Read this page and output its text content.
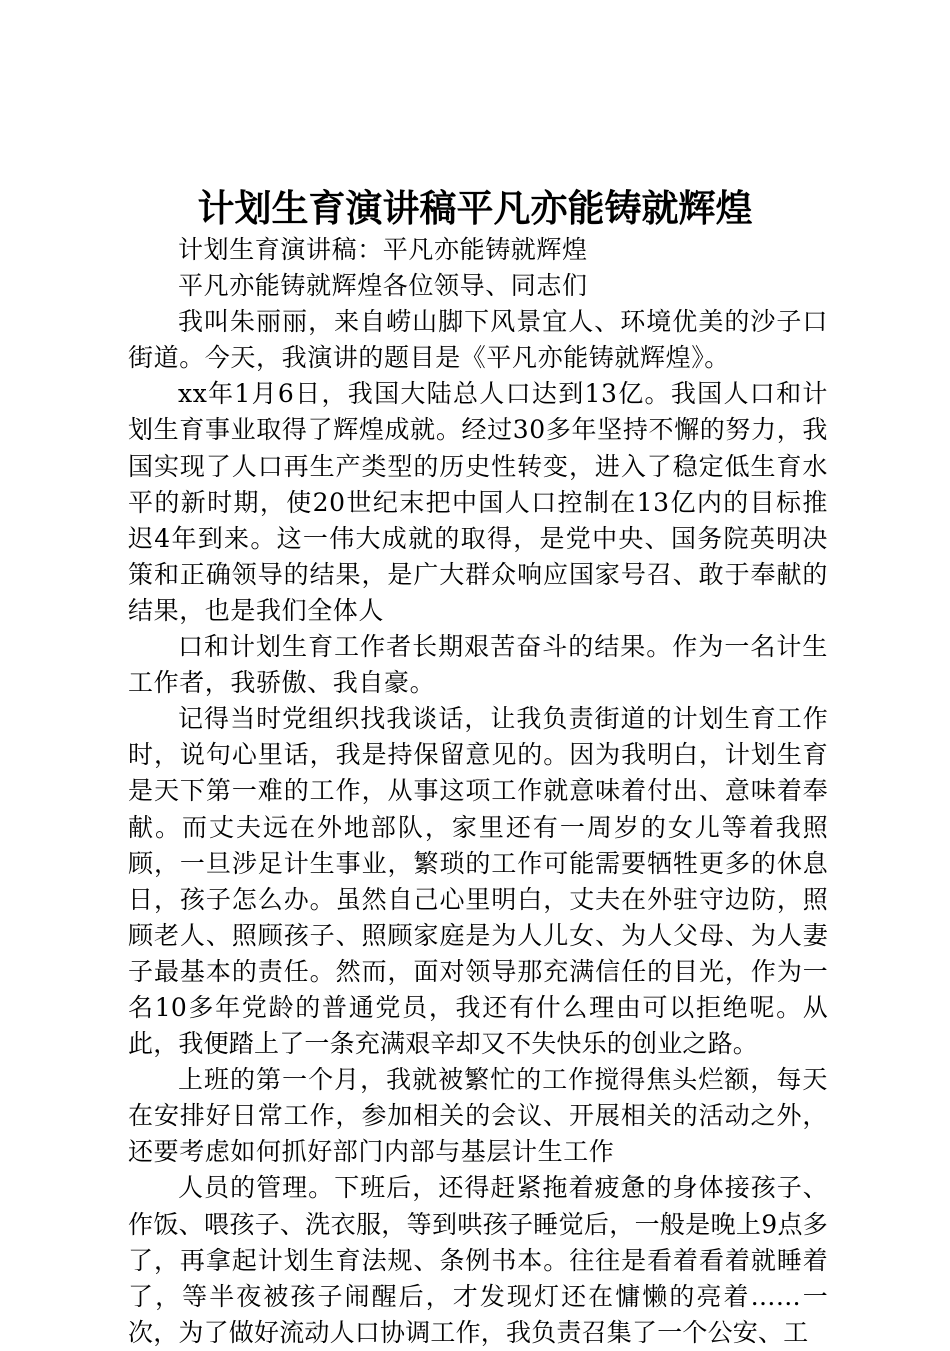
计划生育演讲稿平凡亦能铸就辉煌

计划生育演讲稿：平凡亦能铸就辉煌

平凡亦能铸就辉煌各位领导、同志们

我叫朱丽丽，来自崂山脚下风景宜人、环境优美的沙子口街道。今天，我演讲的题目是《平凡亦能铸就辉煌》。

xx年1月6日，我国大陆总人口达到13亿。我国人口和计划生育事业取得了辉煌成就。经过30多年坚持不懈的努力，我国实现了人口再生产类型的历史性转变，进入了稳定低生育水平的新时期，使20世纪末把中国人口控制在13亿内的目标推迟4年到来。这一伟大成就的取得，是党中央、国务院英明决策和正确领导的结果，是广大群众响应国家号召、敢于奉献的结果，也是我们全体人

口和计划生育工作者长期艰苦奋斗的结果。作为一名计生工作者，我骄傲、我自豪。

记得当时党组织找我谈话，让我负责街道的计划生育工作时，说句心里话，我是持保留意见的。因为我明白，计划生育是天下第一难的工作，从事这项工作就意味着付出、意味着奉献。而丈夫远在外地部队，家里还有一周岁的女儿等着我照顾，一旦涉足计生事业，繁琐的工作可能需要牺牲更多的休息日，孩子怎么办。虽然自己心里明白，丈夫在外驻守边防，照顾老人、照顾孩子、照顾家庭是为人儿女、为人父母、为人妻子最基本的责任。然而，面对领导那充满信任的目光，作为一名10多年党龄的普通党员，我还有什么理由可以拒绝呢。从此，我便踏上了一条充满艰辛却又不失快乐的创业之路。

上班的第一个月，我就被繁忙的工作搅得焦头烂额，每天在安排好日常工作，参加相关的会议、开展相关的活动之外，还要考虑如何抓好部门内部与基层计生工作

人员的管理。下班后，还得赶紧拖着疲惫的身体接孩子、作饭、喂孩子、洗衣服，等到哄孩子睡觉后，一般是晚上9点多了，再拿起计划生育法规、条例书本。往往是看着看着就睡着了，等半夜被孩子闹醒后，才发现灯还在慵懒的亮着……一次，为了做好流动人口协调工作，我负责召集了一个公安、工
